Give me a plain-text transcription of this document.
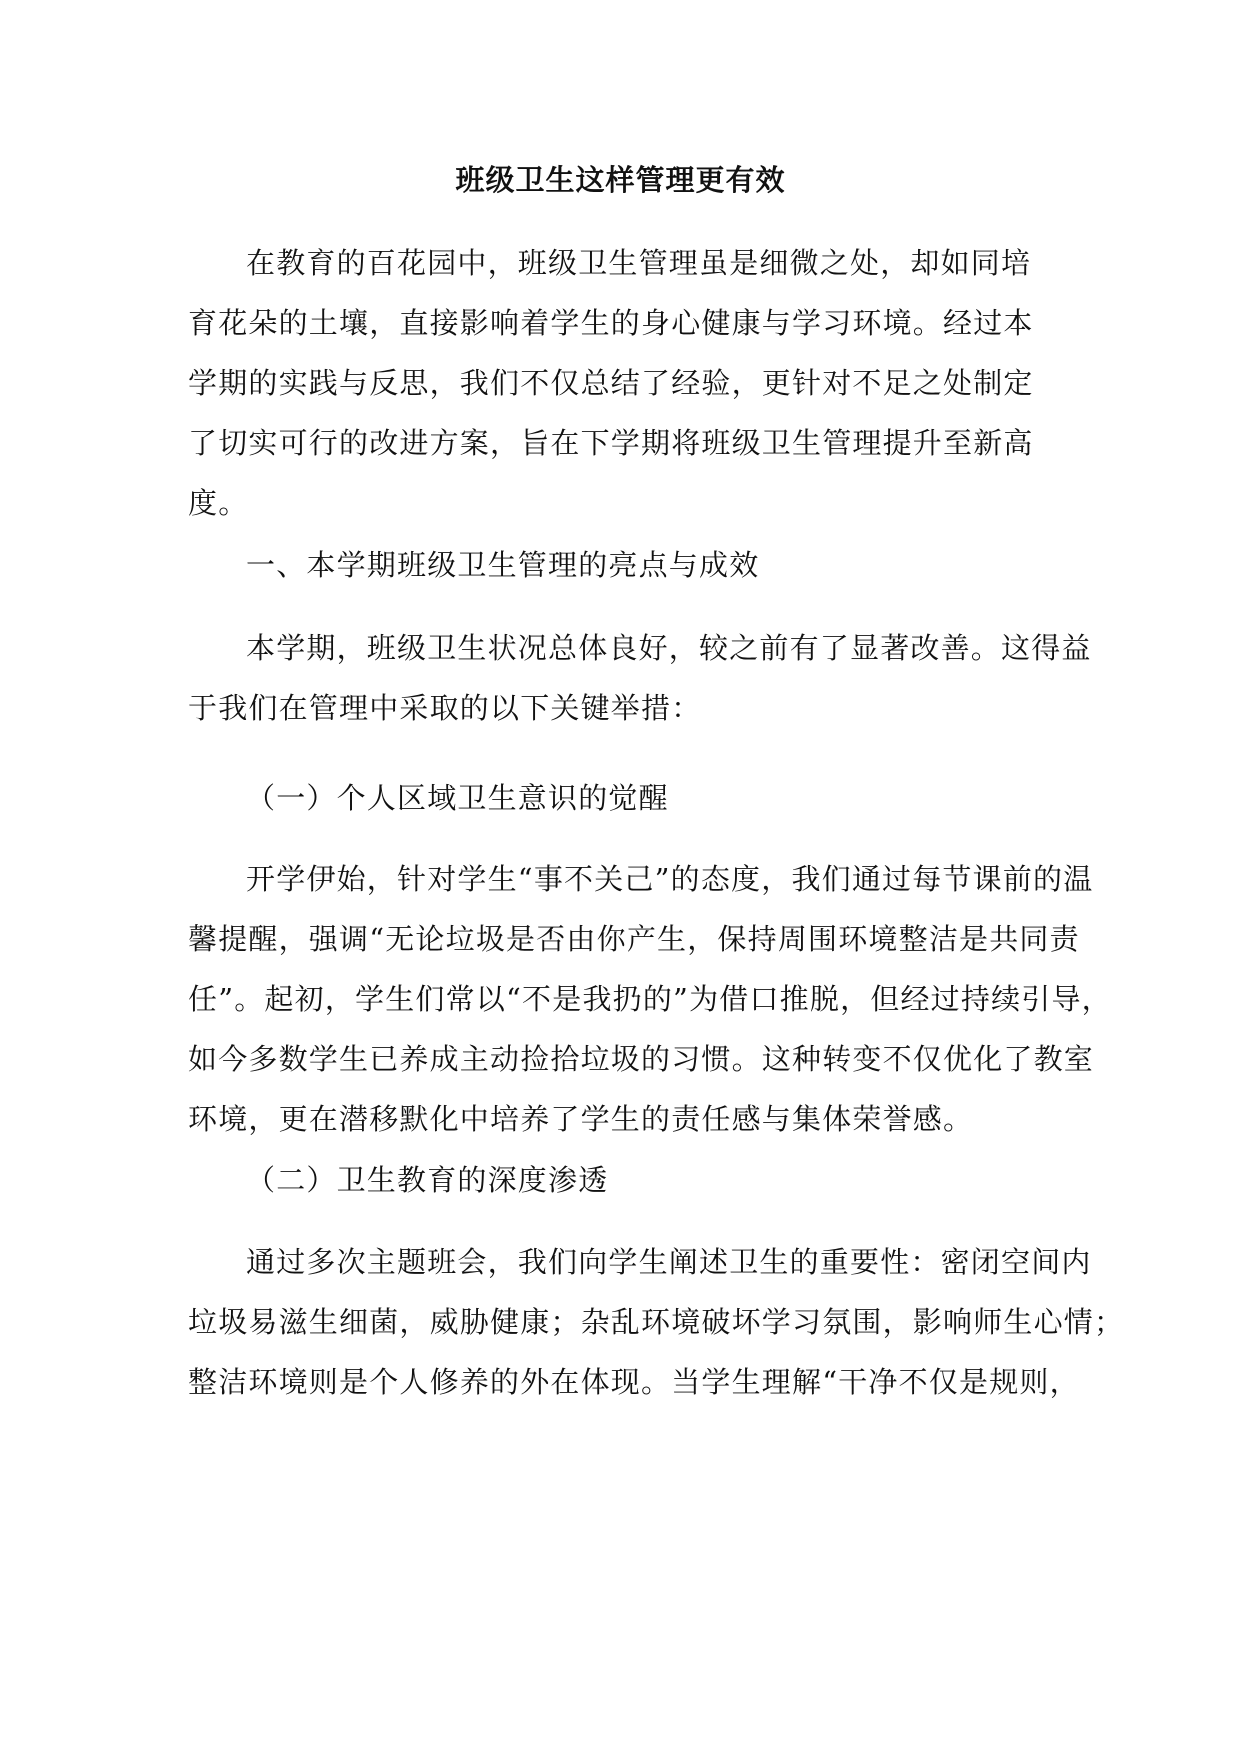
班级卫生这样管理更有效
在教育的百花园中，班级卫生管理虽是细微之处，却如同培
育花朵的土壤，直接影响着学生的身心健康与学习环境。经过本
学期的实践与反思，我们不仅总结了经验，更针对不足之处制定
了切实可行的改进方案，旨在下学期将班级卫生管理提升至新高
度。
一、本学期班级卫生管理的亮点与成效
本学期，班级卫生状况总体良好，较之前有了显著改善。这得益
于我们在管理中采取的以下关键举措：
（一）个人区域卫生意识的觉醒
开学伊始，针对学生“事不关己”的态度，我们通过每节课前的温
馨提醒，强调“无论垃圾是否由你产生，保持周围环境整洁是共同责
任”。起初，学生们常以“不是我扔的”为借口推脱，但经过持续引导，
如今多数学生已养成主动捡拾垃圾的习惯。这种转变不仅优化了教室
环境，更在潜移默化中培养了学生的责任感与集体荣誉感。
（二）卫生教育的深度渗透
通过多次主题班会，我们向学生阐述卫生的重要性：密闭空间内
垃圾易滋生细菌，威胁健康；杂乱环境破坏学习氛围，影响师生心情；
整洁环境则是个人修养的外在体现。当学生理解“干净不仅是规则，
